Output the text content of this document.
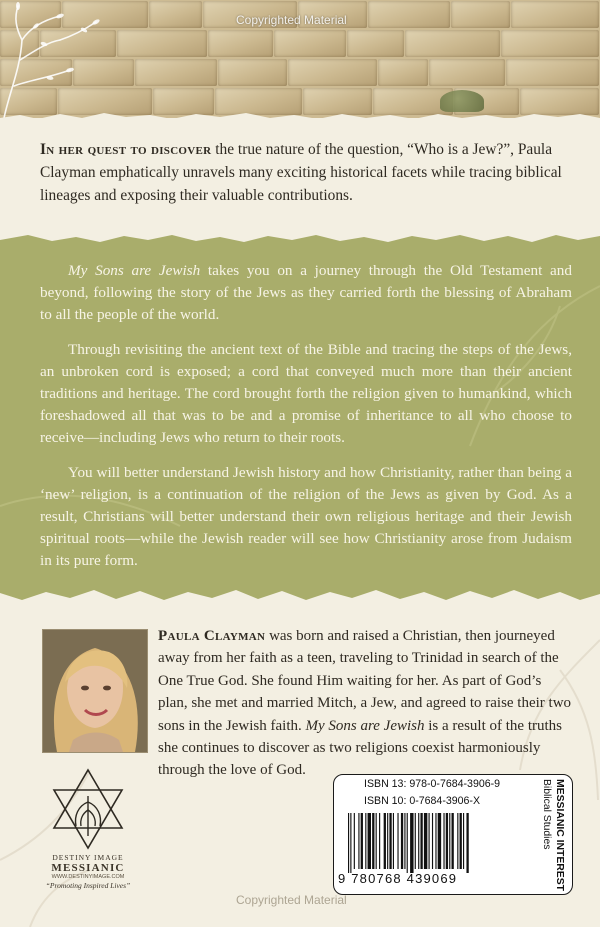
Copyrighted Material
In her quest to discover the true nature of the question, “Who is a Jew?”, Paula Clayman emphatically unravels many exciting historical facets while tracing biblical lineages and exposing their valuable contributions.

My Sons are Jewish takes you on a journey through the Old Testament and beyond, following the story of the Jews as they carried forth the blessing of Abraham to all the people of the world.

Through revisiting the ancient text of the Bible and tracing the steps of the Jews, an unbroken cord is exposed; a cord that conveyed much more than their ancient traditions and heritage. The cord brought forth the religion given to humankind, which foreshadowed all that was to be and a promise of inheritance to all who choose to receive—including Jews who return to their roots.

You will better understand Jewish history and how Christianity, rather than being a ‘new’ religion, is a continuation of the religion of the Jews as given by God. As a result, Christians will better understand their own religious heritage and their Jewish spiritual roots—while the Jewish reader will see how Christianity arose from Judaism in its pure form.

Paula Clayman was born and raised a Christian, then journeyed away from her faith as a teen, traveling to Trinidad in search of the One True God. She found Him waiting for her. As part of God’s plan, she met and married Mitch, a Jew, and agreed to raise their two sons in the Jewish faith. My Sons are Jewish is a result of the truths she continues to discover as two religions coexist harmoniously through the love of God.
DESTINY IMAGE
MESSIANIC
WWW.DESTINYIMAGE.COM
“Promoting Inspired Lives”
ISBN 13: 978-0-7684-3906-9
ISBN 10: 0-7684-3906-X
9 780768 439069	MESSIANIC INTEREST
Biblical Studies
Copyrighted Material
